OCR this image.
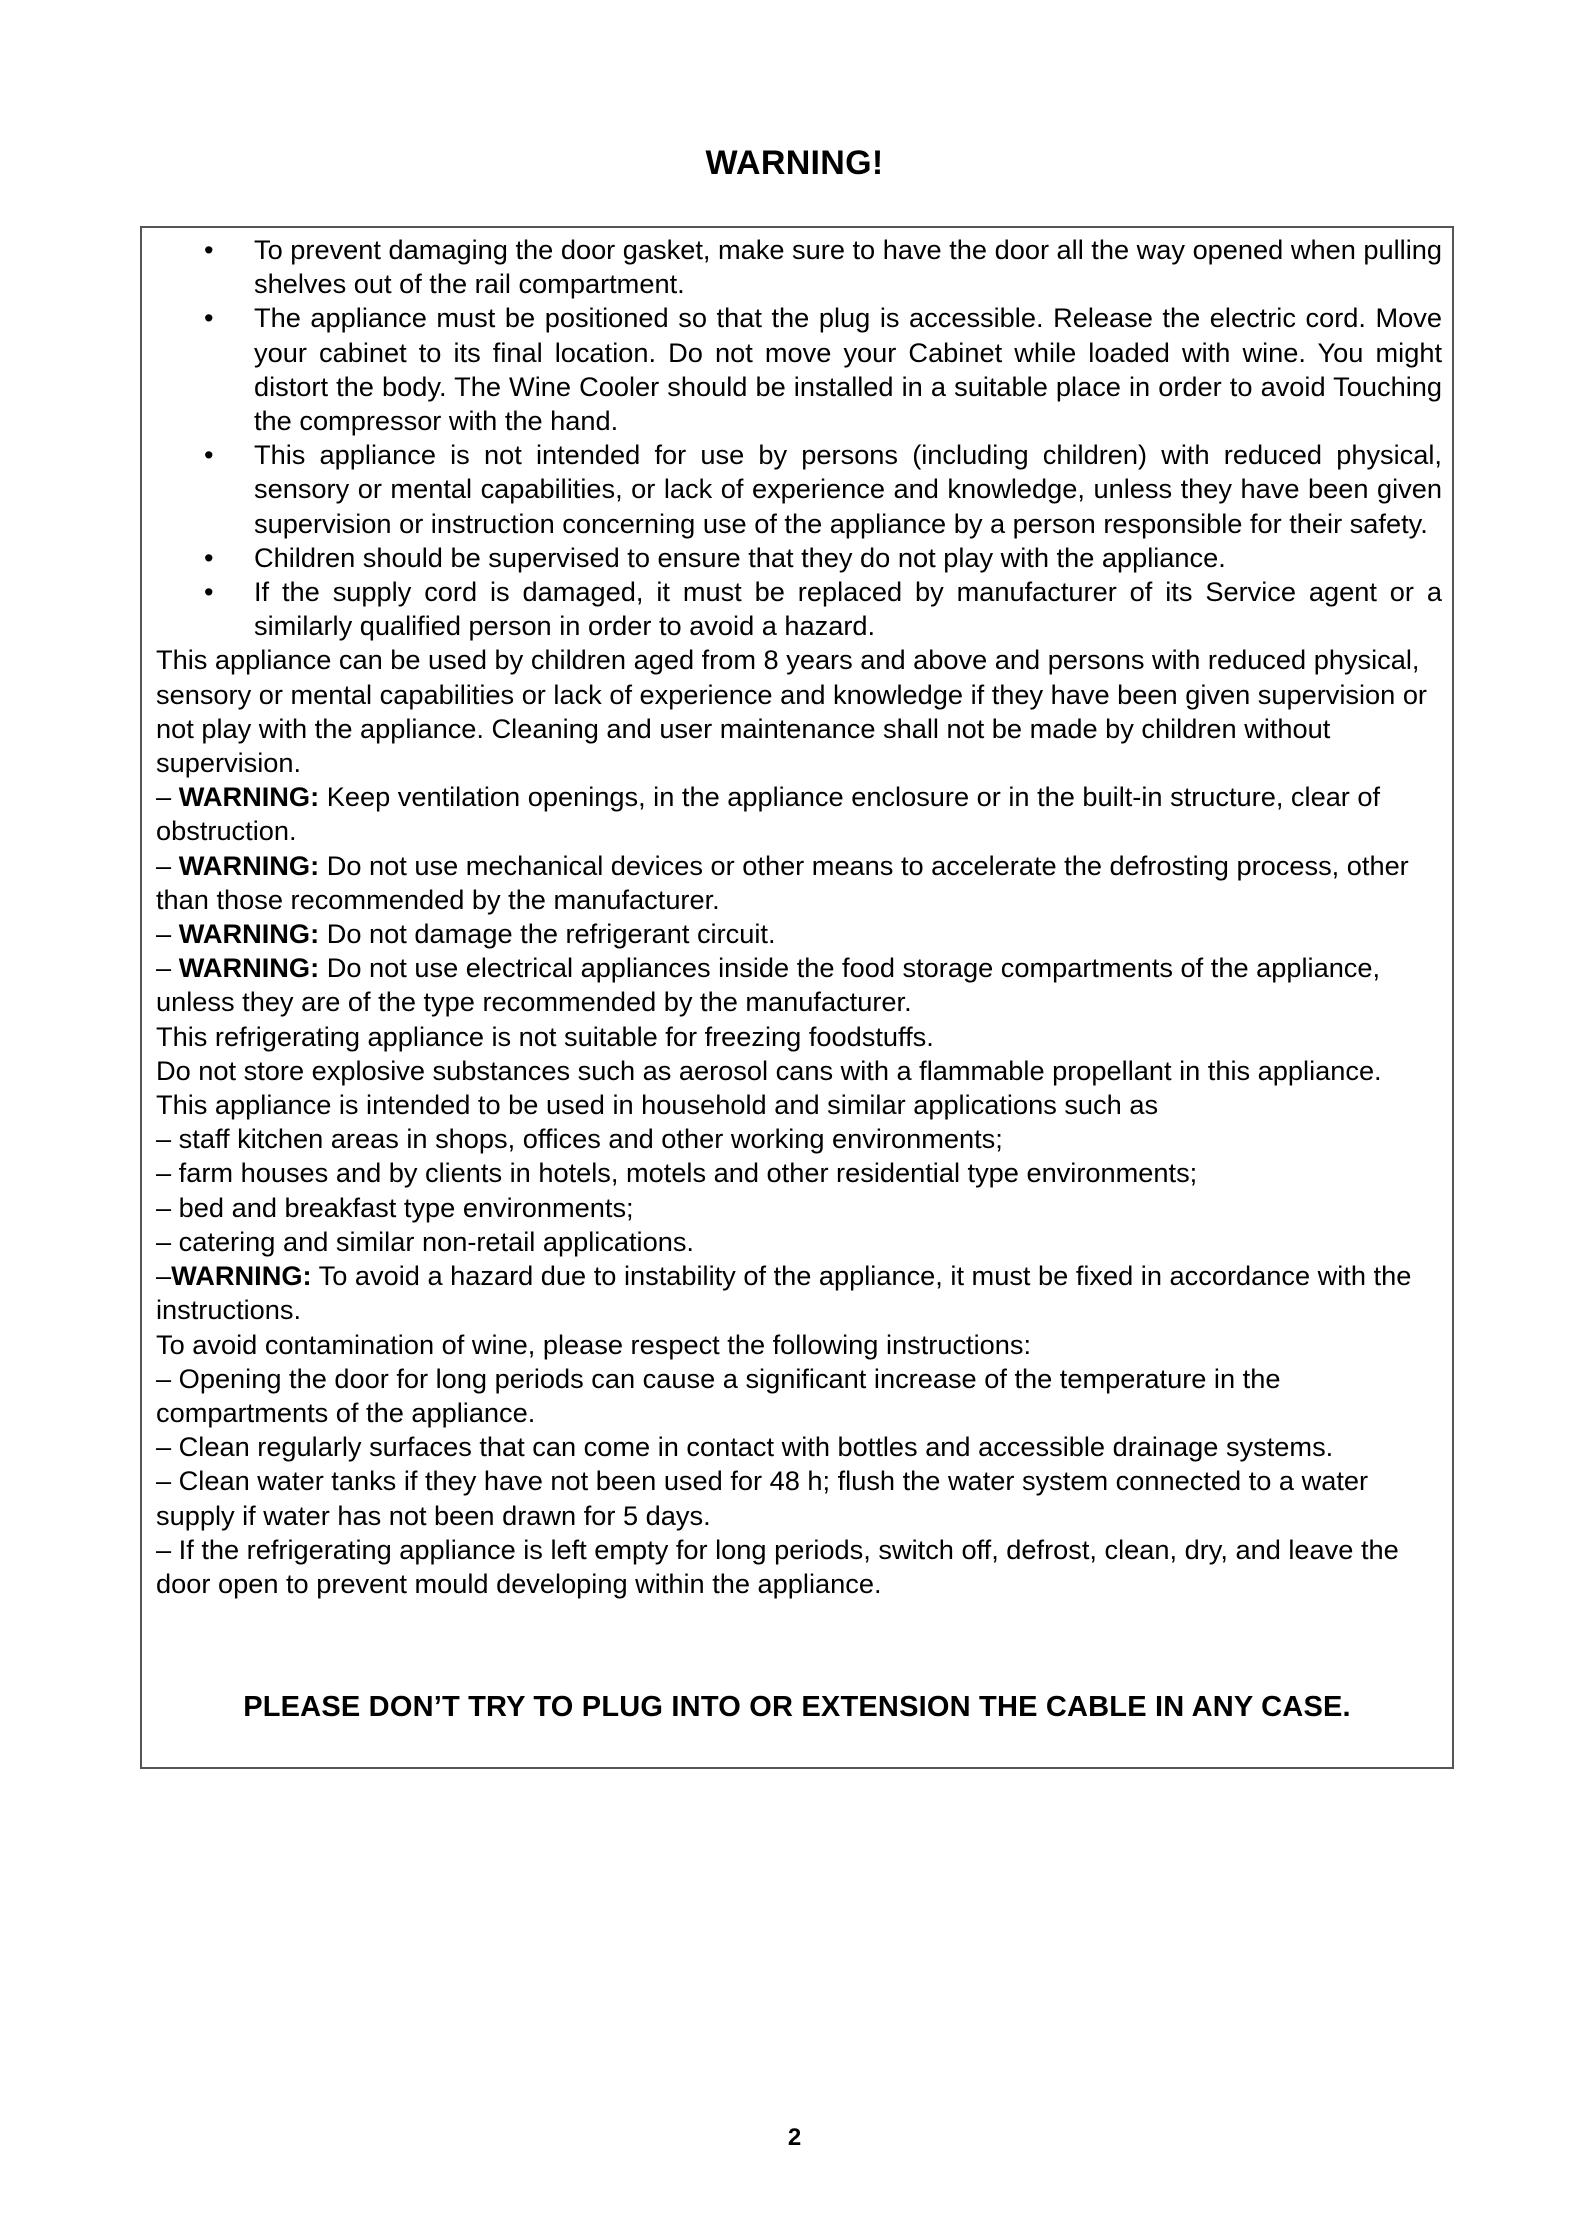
WARNING!
• To prevent damaging the door gasket, make sure to have the door all the way opened when pulling shelves out of the rail compartment.
• The appliance must be positioned so that the plug is accessible. Release the electric cord. Move your cabinet to its final location. Do not move your Cabinet while loaded with wine. You might distort the body. The Wine Cooler should be installed in a suitable place in order to avoid Touching the compressor with the hand.
• This appliance is not intended for use by persons (including children) with reduced physical, sensory or mental capabilities, or lack of experience and knowledge, unless they have been given supervision or instruction concerning use of the appliance by a person responsible for their safety.
• Children should be supervised to ensure that they do not play with the appliance.
• If the supply cord is damaged, it must be replaced by manufacturer of its Service agent or a similarly qualified person in order to avoid a hazard.

This appliance can be used by children aged from 8 years and above and persons with reduced physical, sensory or mental capabilities or lack of experience and knowledge if they have been given supervision or not play with the appliance. Cleaning and user maintenance shall not be made by children without supervision.

– WARNING: Keep ventilation openings, in the appliance enclosure or in the built-in structure, clear of obstruction.

– WARNING: Do not use mechanical devices or other means to accelerate the defrosting process, other than those recommended by the manufacturer.

– WARNING: Do not damage the refrigerant circuit.

– WARNING: Do not use electrical appliances inside the food storage compartments of the appliance, unless they are of the type recommended by the manufacturer.

This refrigerating appliance is not suitable for freezing foodstuffs.

Do not store explosive substances such as aerosol cans with a flammable propellant in this appliance.

This appliance is intended to be used in household and similar applications such as

– staff kitchen areas in shops, offices and other working environments;

– farm houses and by clients in hotels, motels and other residential type environments;

– bed and breakfast type environments;

– catering and similar non-retail applications.

–WARNING: To avoid a hazard due to instability of the appliance, it must be fixed in accordance with the instructions.

To avoid contamination of wine, please respect the following instructions:

– Opening the door for long periods can cause a significant increase of the temperature in the compartments of the appliance.

– Clean regularly surfaces that can come in contact with bottles and accessible drainage systems.

– Clean water tanks if they have not been used for 48 h; flush the water system connected to a water supply if water has not been drawn for 5 days.

– If the refrigerating appliance is left empty for long periods, switch off, defrost, clean, dry, and leave the door open to prevent mould developing within the appliance.

PLEASE DON’T TRY TO PLUG INTO OR EXTENSION THE CABLE IN ANY CASE.
2
